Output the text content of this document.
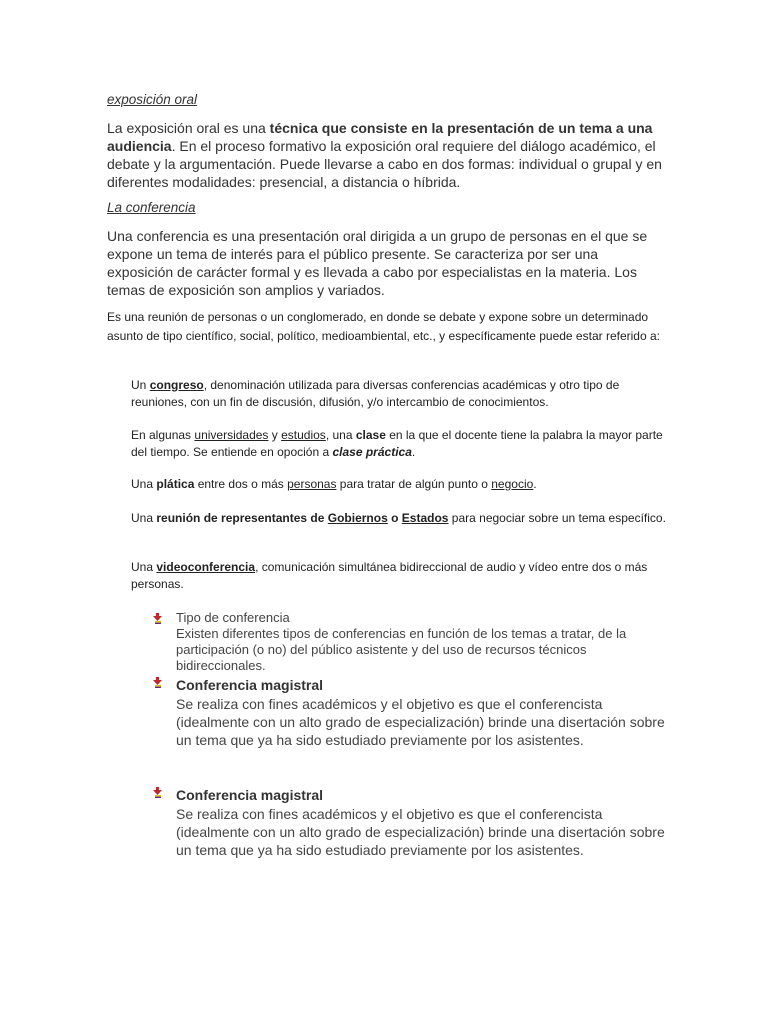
exposición oral
La exposición oral es una técnica que consiste en la presentación de un tema a una audiencia. En el proceso formativo la exposición oral requiere del diálogo académico, el debate y la argumentación. Puede llevarse a cabo en dos formas: individual o grupal y en diferentes modalidades: presencial, a distancia o híbrida.
La conferencia
Una conferencia es una presentación oral dirigida a un grupo de personas en el que se expone un tema de interés para el público presente. Se caracteriza por ser una exposición de carácter formal y es llevada a cabo por especialistas en la materia. Los temas de exposición son amplios y variados.
Es una reunión de personas o un conglomerado, en donde se debate y expone sobre un determinado asunto de tipo científico, social, político, medioambiental, etc., y específicamente puede estar referido a:
Un congreso, denominación utilizada para diversas conferencias académicas y otro tipo de reuniones, con un fin de discusión, difusión, y/o intercambio de conocimientos.
En algunas universidades y estudios, una clase en la que el docente tiene la palabra la mayor parte del tiempo. Se entiende en opoción a clase práctica.
Una plática entre dos o más personas para tratar de algún punto o negocio.
Una reunión de representantes de Gobiernos o Estados para negociar sobre un tema específico.
Una videoconferencia, comunicación simultánea bidireccional de audio y vídeo entre dos o más personas.
Tipo de conferencia
Existen diferentes tipos de conferencias en función de los temas a tratar, de la participación (o no) del público asistente y del uso de recursos técnicos bidireccionales.
Conferencia magistral
Se realiza con fines académicos y el objetivo es que el conferencista (idealmente con un alto grado de especialización) brinde una disertación sobre un tema que ya ha sido estudiado previamente por los asistentes.
Conferencia magistral
Se realiza con fines académicos y el objetivo es que el conferencista (idealmente con un alto grado de especialización) brinde una disertación sobre un tema que ya ha sido estudiado previamente por los asistentes.
